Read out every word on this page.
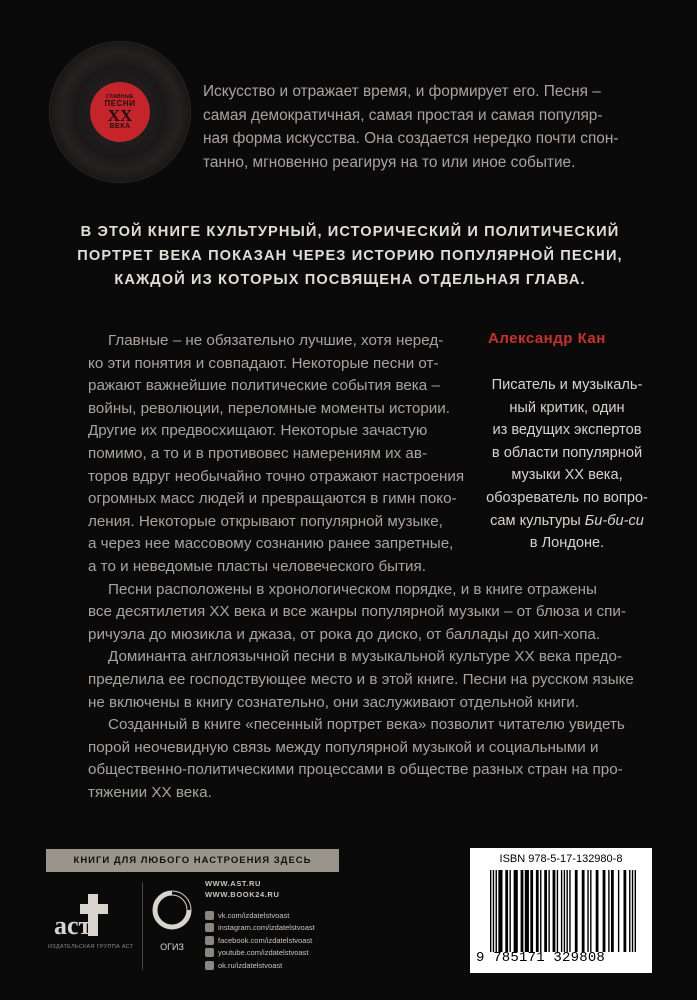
ГЛАВНЫЕ
ПЕСНИ
XX
ВЕКА
Искусство и отражает время, и формирует его. Песня –
самая демократичная, самая простая и самая популяр-
ная форма искусства. Она создается нередко почти спон-
танно, мгновенно реагируя на то или иное событие.
В ЭТОЙ КНИГЕ КУЛЬТУРНЫЙ, ИСТОРИЧЕСКИЙ И ПОЛИТИЧЕСКИЙ
ПОРТРЕТ ВЕКА ПОКАЗАН ЧЕРЕЗ ИСТОРИЮ ПОПУЛЯРНОЙ ПЕСНИ,
КАЖДОЙ ИЗ КОТОРЫХ ПОСВЯЩЕНА ОТДЕЛЬНАЯ ГЛАВА.
Главные – не обязательно лучшие, хотя неред-
ко эти понятия и совпадают. Некоторые песни от-
ражают важнейшие политические события века –
войны, революции, переломные моменты истории.
Другие их предвосхищают. Некоторые зачастую
помимо, а то и в противовес намерениям их ав-
торов вдруг необычайно точно отражают настроения
огромных масс людей и превращаются в гимн поко-
ления. Некоторые открывают популярной музыке,
а через нее массовому сознанию ранее запретные,
а то и неведомые пласты человеческого бытия.
Песни расположены в хронологическом порядке, и в книге отражены
все десятилетия XX века и все жанры популярной музыки – от блюза и спи-
ричуэла до мюзикла и джаза, от рока до диско, от баллады до хип-хопа.
Доминанта англоязычной песни в музыкальной культуре XX века предо-
пределила ее господствующее место и в этой книге. Песни на русском языке
не включены в книгу сознательно, они заслуживают отдельной книги.
Созданный в книге «песенный портрет века» позволит читателю увидеть
порой неочевидную связь между популярной музыкой и социальными и
общественно-политическими процессами в обществе разных стран на про-
тяжении XX века.
Александр Кан
Писатель и музыкаль-
ный критик, один
из ведущих экспертов
в области популярной
музыки XX века,
обозреватель по вопро-
сам культуры Би-би-си
в Лондоне.
КНИГИ ДЛЯ ЛЮБОГО НАСТРОЕНИЯ ЗДЕСЬ
аст
ИЗДАТЕЛЬСКАЯ ГРУППА АСТ	ОГИЗ
WWW.AST.RU
WWW.BOOK24.RU
vk.com/izdatelstvoast
instagram.com/izdatelstvoast
facebook.com/izdatelstvoast
youtube.com/izdatelstvoast
ok.ru/izdatelstvoast
ISBN 978-5-17-132980-8
9 785171 329808
